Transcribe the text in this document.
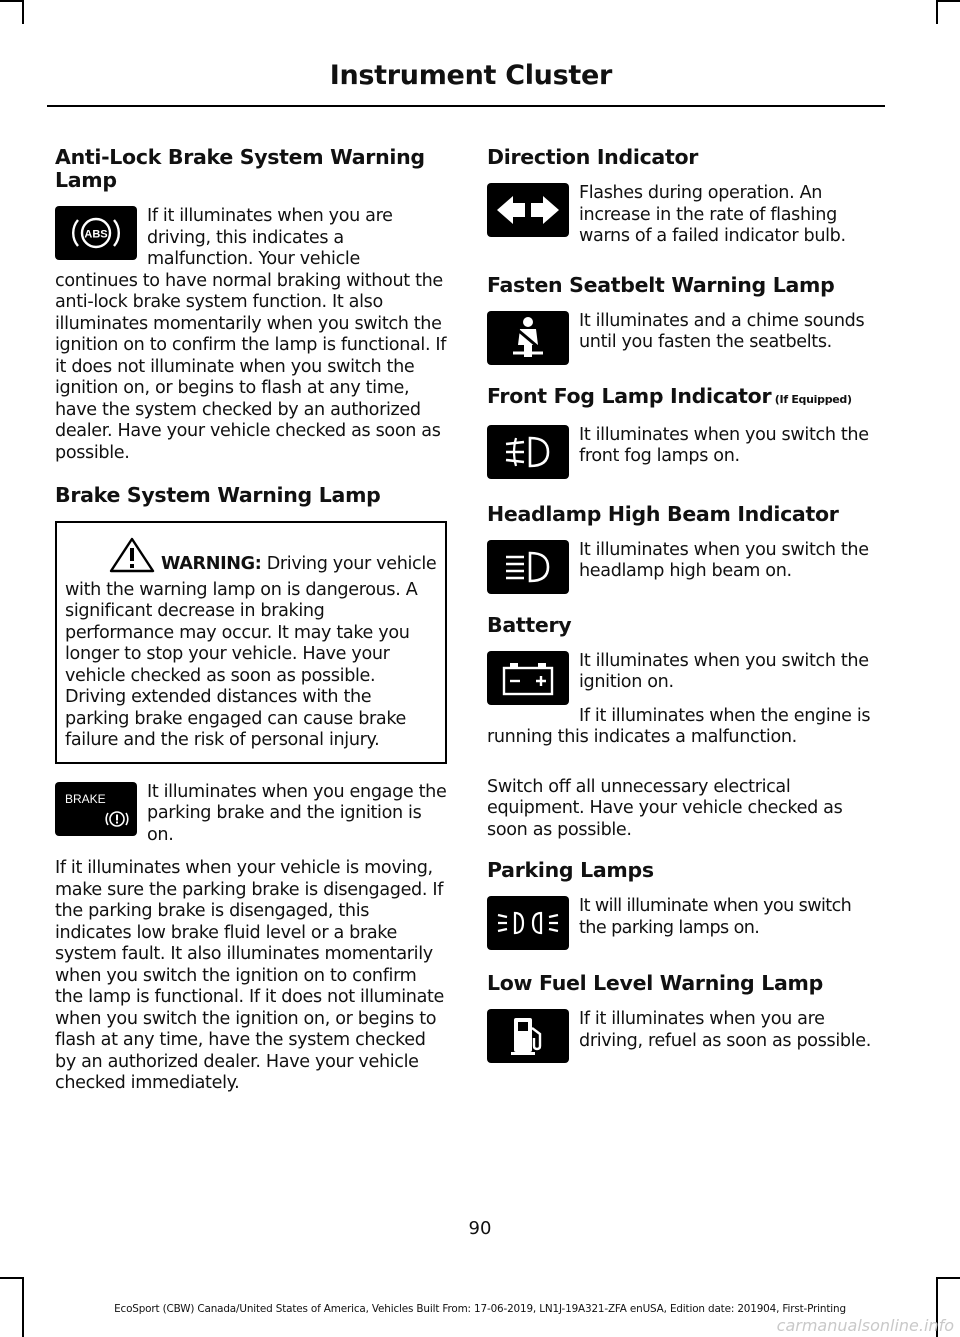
Instrument Cluster
Anti-Lock Brake System Warning Lamp
ABS

If it illuminates when you are driving, this indicates a malfunction. Your vehicle continues to have normal braking without the anti-lock brake system function. It also illuminates momentarily when you switch the ignition on to confirm the lamp is functional. If it does not illuminate when you switch the ignition on, or begins to flash at any time, have the system checked by an authorized dealer. Have your vehicle checked as soon as possible.

Brake System Warning Lamp

WARNING: Driving your vehicle with the warning lamp on is dangerous. A significant decrease in braking performance may occur. It may take you longer to stop your vehicle. Have your vehicle checked as soon as possible. Driving extended distances with the parking brake engaged can cause brake failure and the risk of personal injury.

BRAKE	It illuminates when you engage the parking brake and the ignition is on.

If it illuminates when your vehicle is moving, make sure the parking brake is disengaged. If the parking brake is disengaged, this indicates low brake fluid level or a brake system fault. It also illuminates momentarily when you switch the ignition on to confirm the lamp is functional. If it does not illuminate when you switch the ignition on, or begins to flash at any time, have the system checked by an authorized dealer. Have your vehicle checked immediately.

Direction Indicator

Flashes during operation. An increase in the rate of flashing warns of a failed indicator bulb.

Fasten Seatbelt Warning Lamp

It illuminates and a chime sounds until you fasten the seatbelts.

Front Fog Lamp Indicator (If Equipped)

It illuminates when you switch the front fog lamps on.

Headlamp High Beam Indicator

It illuminates when you switch the headlamp high beam on.

Battery

It illuminates when you switch the ignition on.

If it illuminates when the engine is running this indicates a malfunction.

Switch off all unnecessary electrical equipment. Have your vehicle checked as soon as possible.

Parking Lamps

It will illuminate when you switch the parking lamps on.

Low Fuel Level Warning Lamp

If it illuminates when you are driving, refuel as soon as possible.

90
EcoSport (CBW) Canada/United States of America, Vehicles Built From: 17-06-2019, LN1J-19A321-ZFA enUSA, Edition date: 201904, First-Printing
carmanualsonline.info
